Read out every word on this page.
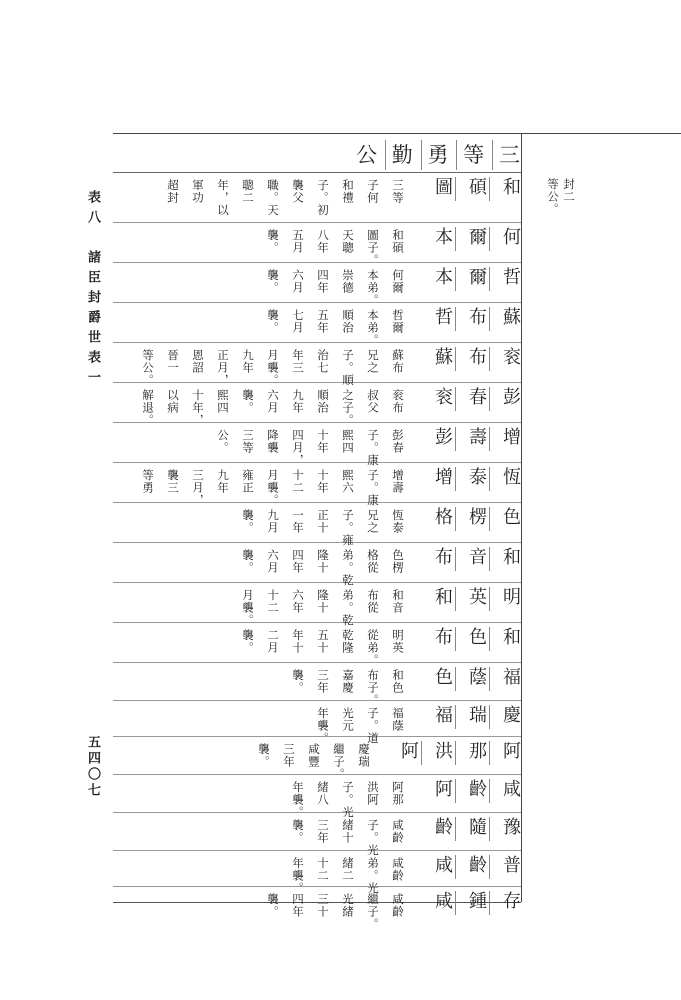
表八　諸臣封爵世表一
五四〇七
三
等
勇
勤
公
封二
等公。
和
碩
圖
三等
子何
和禮
子。初
襲父
職。天
聰二
年，以
軍功
超封
何
爾
本
和碩
圖子。
天聰
八年
五月
襲。
哲
爾
本
何爾
本弟。
崇德
四年
六月
襲。
蘇
布
哲
哲爾
本弟。
順治
五年
七月
襲。
衮
布
蘇
蘇布
兄之
子。順
治七
年三
月襲。
九年
正月，
恩詔
晉一
等公。
彭
春
衮
衮布
叔父
之子。
順治
九年
六月
襲。
熙四
十年，
以病
解退。
增
壽
彭
彭春
子。康
熙四
十年
四月，
降襲
三等
公。
恆
泰
增
增壽
子。康
熙六
十年
十二
月襲。
雍正
九年
三月，
襲三
等勇
色
楞
格
恆泰
兄之
子。雍
正十
一年
九月
襲。
和
音
布
色楞
格從
弟。乾
隆十
四年
六月
襲。
明
英
和
和音
布從
弟。乾
隆十
六年
十二
月襲。
和
色
布
明英
從弟。
乾隆
五十
年十
二月
襲。
福
蔭
色
和色
布子。
嘉慶
三年
襲。
慶
瑞
福
福蔭
子。道
光元
年襲。
阿
那
洪
阿
慶瑞
繼子。
咸豐
三年
襲。
咸
齡
阿
阿那
洪阿
子。光
緒八
年襲。
豫
隨
齡
咸齡
子。光
緒十
三年
襲。
普
齡
咸
咸齡
弟。光
緒二
十二
年襲。
存
鍾
咸
咸齡
繼子。
光緒
三十
四年
襲。
